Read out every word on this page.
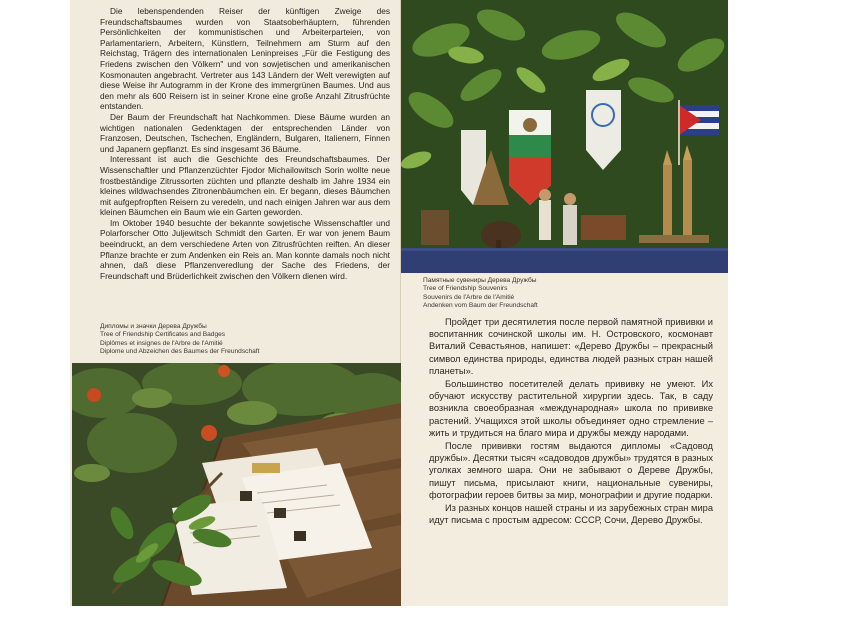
Die lebenspendenden Reiser der künftigen Zweige des Freundschaftsbaumes wurden von Staatsoberhäuptern, führenden Persönlichkeiten der kommunistischen und Arbeiterparteien, von Parlamentariern, Arbeitern, Künstlern, Teilnehmern am Sturm auf den Reichstag, Trägern des internationalen Leninpreises „Für die Festigung des Friedens zwischen den Völkern" und von sowjetischen und amerikanischen Kosmonauten angebracht. Vertreter aus 143 Ländern der Welt verewigten auf diese Weise ihr Autogramm in der Krone des immergrünen Baumes. Und aus den mehr als 600 Reisern ist in seiner Krone eine große Anzahl Zitrusfrüchte entstanden.

Der Baum der Freundschaft hat Nachkommen. Diese Bäume wurden an wichtigen nationalen Gedenktagen der entsprechenden Länder von Franzosen, Deutschen, Tschechen, Engländern, Bulgaren, Italienern, Finnen und Japanern gepflanzt. Es sind insgesamt 36 Bäume.

Interessant ist auch die Geschichte des Freundschaftsbaumes. Der Wissenschaftler und Pflanzenzüchter Fjodor Michailowitsch Sorin wollte neue frostbeständige Zitrussorten züchten und pflanzte deshalb im Jahre 1934 ein kleines wildwachsendes Zitronenbäumchen ein. Er begann, dieses Bäumchen mit aufgepfropften Reisern zu veredeln, und nach einigen Jahren war aus dem kleinen Bäumchen ein Baum wie ein Garten geworden.

Im Oktober 1940 besuchte der bekannte sowjetische Wissenschaftler und Polarforscher Otto Juljewitsch Schmidt den Garten. Er war von jenem Baum beeindruckt, an dem verschiedene Arten von Zitrusfrüchten reiften. An dieser Pflanze brachte er zum Andenken ein Reis an. Man konnte damals noch nicht ahnen, daß diese Pflanzenveredlung der Sache des Friedens, der Freundschaft und Brüderlichkeit zwischen den Völkern dienen wird.

Дипломы и значки Дерева Дружбы
Tree of Friendship Certificates and Badges
Diplômes et insignes de l'Arbre de l'Amitié
Diplome und Abzeichen des Baumes der Freundschaft
Памятные сувениры Дерева Дружбы
Tree of Friendship Souvenirs
Souvenirs de l'Arbre de l'Amitié
Andenken vom Baum der Freundschaft

Пройдет три десятилетия после первой памятной прививки и воспитанник сочинской школы им. Н. Островского, космонавт Виталий Севастьянов, напишет: «Дерево Дружбы – прекрасный символ единства природы, единства людей разных стран нашей планеты».

Большинство посетителей делать прививку не умеют. Их обучают искусству растительной хирургии здесь. Так, в саду возникла своеобразная «международная» школа по прививке растений. Учащихся этой школы объединяет одно стремление – жить и трудиться на благо мира и дружбы между народами.

После прививки гостям выдаются дипломы «Садовод дружбы». Десятки тысяч «садоводов дружбы» трудятся в разных уголках земного шара. Они не забывают о Дереве Дружбы, пишут письма, присылают книги, национальные сувениры, фотографии героев битвы за мир, монографии и другие подарки.

Из разных концов нашей страны и из зарубежных стран мира идут письма с простым адресом: СССР, Сочи, Дерево Дружбы.
